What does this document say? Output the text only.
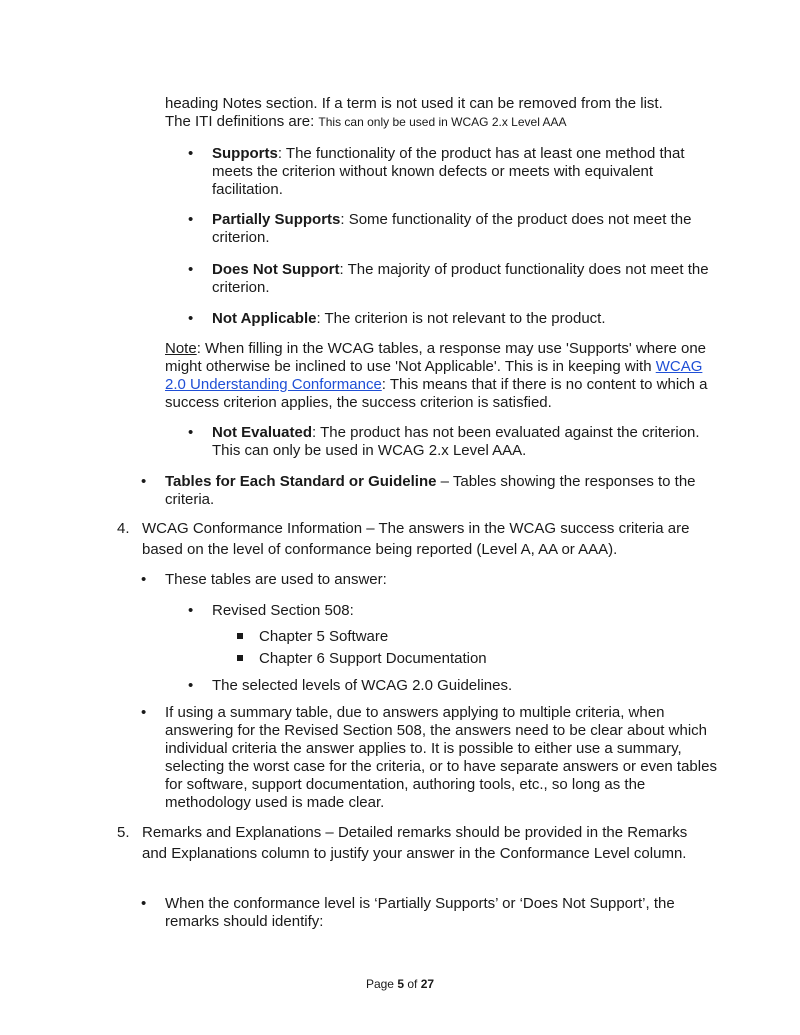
heading Notes section. If a term is not used it can be removed from the list.
The ITI definitions are: This can only be used in WCAG 2.x Level AAA
• Supports: The functionality of the product has at least one method that meets the criterion without known defects or meets with equivalent facilitation.
• Partially Supports: Some functionality of the product does not meet the criterion.
• Does Not Support: The majority of product functionality does not meet the criterion.
• Not Applicable: The criterion is not relevant to the product.
Note: When filling in the WCAG tables, a response may use 'Supports' where one might otherwise be inclined to use 'Not Applicable'. This is in keeping with WCAG 2.0 Understanding Conformance: This means that if there is no content to which a success criterion applies, the success criterion is satisfied.
• Not Evaluated: The product has not been evaluated against the criterion. This can only be used in WCAG 2.x Level AAA.
• Tables for Each Standard or Guideline – Tables showing the responses to the criteria.
4. WCAG Conformance Information – The answers in the WCAG success criteria are based on the level of conformance being reported (Level A, AA or AAA).
• These tables are used to answer:
• Revised Section 508:
Chapter 5 Software
Chapter 6 Support Documentation
• The selected levels of WCAG 2.0 Guidelines.
• If using a summary table, due to answers applying to multiple criteria, when answering for the Revised Section 508, the answers need to be clear about which individual criteria the answer applies to. It is possible to either use a summary, selecting the worst case for the criteria, or to have separate answers or even tables for software, support documentation, authoring tools, etc., so long as the methodology used is made clear.
5. Remarks and Explanations – Detailed remarks should be provided in the Remarks and Explanations column to justify your answer in the Conformance Level column.
• When the conformance level is ‘Partially Supports’ or ‘Does Not Support’, the remarks should identify:
Page 5 of 27
